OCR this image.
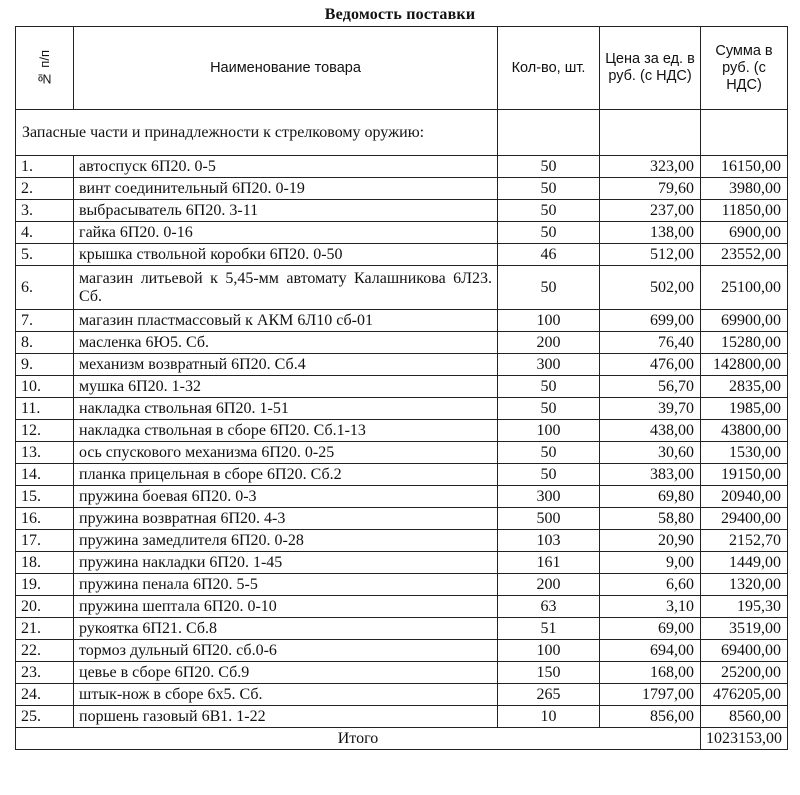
Ведомость поставки
№ п/п	Наименование товара	Кол-во, шт.	Цена за ед. в руб. (с НДС)	Сумма в руб. (с НДС)
Запасные части и принадлежности к стрелковому оружию:				
1.	автоспуск 6П20. 0-5	50	323,00	16150,00
2.	винт соединительный 6П20. 0-19	50	79,60	3980,00
3.	выбрасыватель 6П20. 3-11	50	237,00	11850,00
4.	гайка 6П20. 0-16	50	138,00	6900,00
5.	крышка ствольной коробки 6П20. 0-50	46	512,00	23552,00
6.	магазин литьевой к 5,45-мм автомату Калашникова 6Л23. Сб.	50	502,00	25100,00
7.	магазин пластмассовый к АКМ 6Л10 сб-01	100	699,00	69900,00
8.	масленка 6Ю5. Сб.	200	76,40	15280,00
9.	механизм возвратный 6П20. Сб.4	300	476,00	142800,00
10.	мушка 6П20. 1-32	50	56,70	2835,00
11.	накладка ствольная 6П20. 1-51	50	39,70	1985,00
12.	накладка ствольная в сборе 6П20. Сб.1-13	100	438,00	43800,00
13.	ось спускового механизма 6П20. 0-25	50	30,60	1530,00
14.	планка прицельная в сборе 6П20. Сб.2	50	383,00	19150,00
15.	пружина боевая 6П20. 0-3	300	69,80	20940,00
16.	пружина возвратная 6П20. 4-3	500	58,80	29400,00
17.	пружина замедлителя 6П20. 0-28	103	20,90	2152,70
18.	пружина накладки 6П20. 1-45	161	9,00	1449,00
19.	пружина пенала 6П20. 5-5	200	6,60	1320,00
20.	пружина шептала 6П20. 0-10	63	3,10	195,30
21.	рукоятка 6П21. Сб.8	51	69,00	3519,00
22.	тормоз дульный 6П20. сб.0-6	100	694,00	69400,00
23.	цевье в сборе 6П20. Сб.9	150	168,00	25200,00
24.	штык-нож в сборе 6х5. Сб.	265	1797,00	476205,00
25.	поршень газовый 6В1. 1-22	10	856,00	8560,00
Итого				1023153,00
